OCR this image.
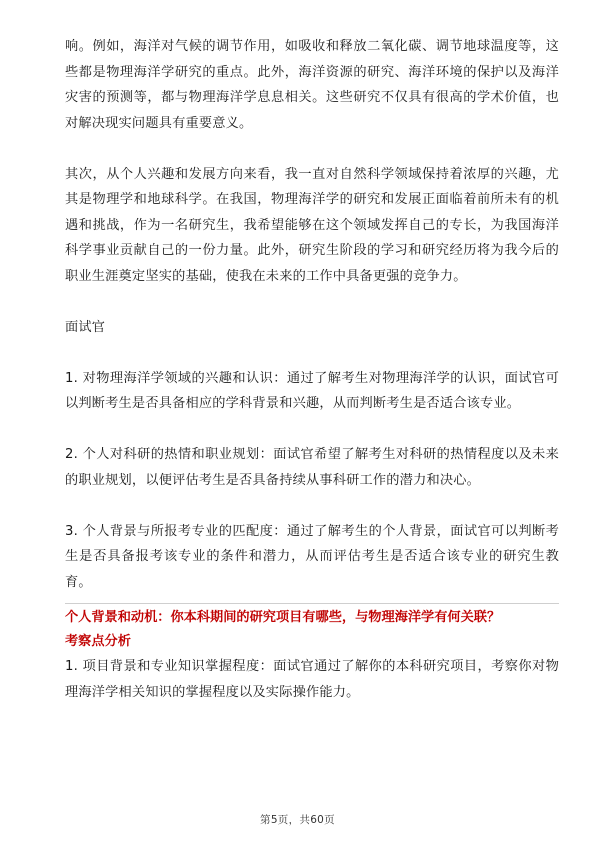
响。例如，海洋对气候的调节作用，如吸收和释放二氧化碳、调节地球温度等，这些都是物理海洋学研究的重点。此外，海洋资源的研究、海洋环境的保护以及海洋灾害的预测等，都与物理海洋学息息相关。这些研究不仅具有很高的学术价值，也对解决现实问题具有重要意义。

其次，从个人兴趣和发展方向来看，我一直对自然科学领域保持着浓厚的兴趣，尤其是物理学和地球科学。在我国，物理海洋学的研究和发展正面临着前所未有的机遇和挑战，作为一名研究生，我希望能够在这个领域发挥自己的专长，为我国海洋科学事业贡献自己的一份力量。此外，研究生阶段的学习和研究经历将为我今后的职业生涯奠定坚实的基础，使我在未来的工作中具备更强的竞争力。

面试官

1. 对物理海洋学领域的兴趣和认识：通过了解考生对物理海洋学的认识，面试官可以判断考生是否具备相应的学科背景和兴趣，从而判断考生是否适合该专业。

2. 个人对科研的热情和职业规划：面试官希望了解考生对科研的热情程度以及未来的职业规划，以便评估考生是否具备持续从事科研工作的潜力和决心。

3. 个人背景与所报考专业的匹配度：通过了解考生的个人背景，面试官可以判断考生是否具备报考该专业的条件和潜力，从而评估考生是否适合该专业的研究生教育。

个人背景和动机：你本科期间的研究项目有哪些，与物理海洋学有何关联？

考察点分析

1. 项目背景和专业知识掌握程度：面试官通过了解你的本科研究项目，考察你对物理海洋学相关知识的掌握程度以及实际操作能力。

第5页，共60页
